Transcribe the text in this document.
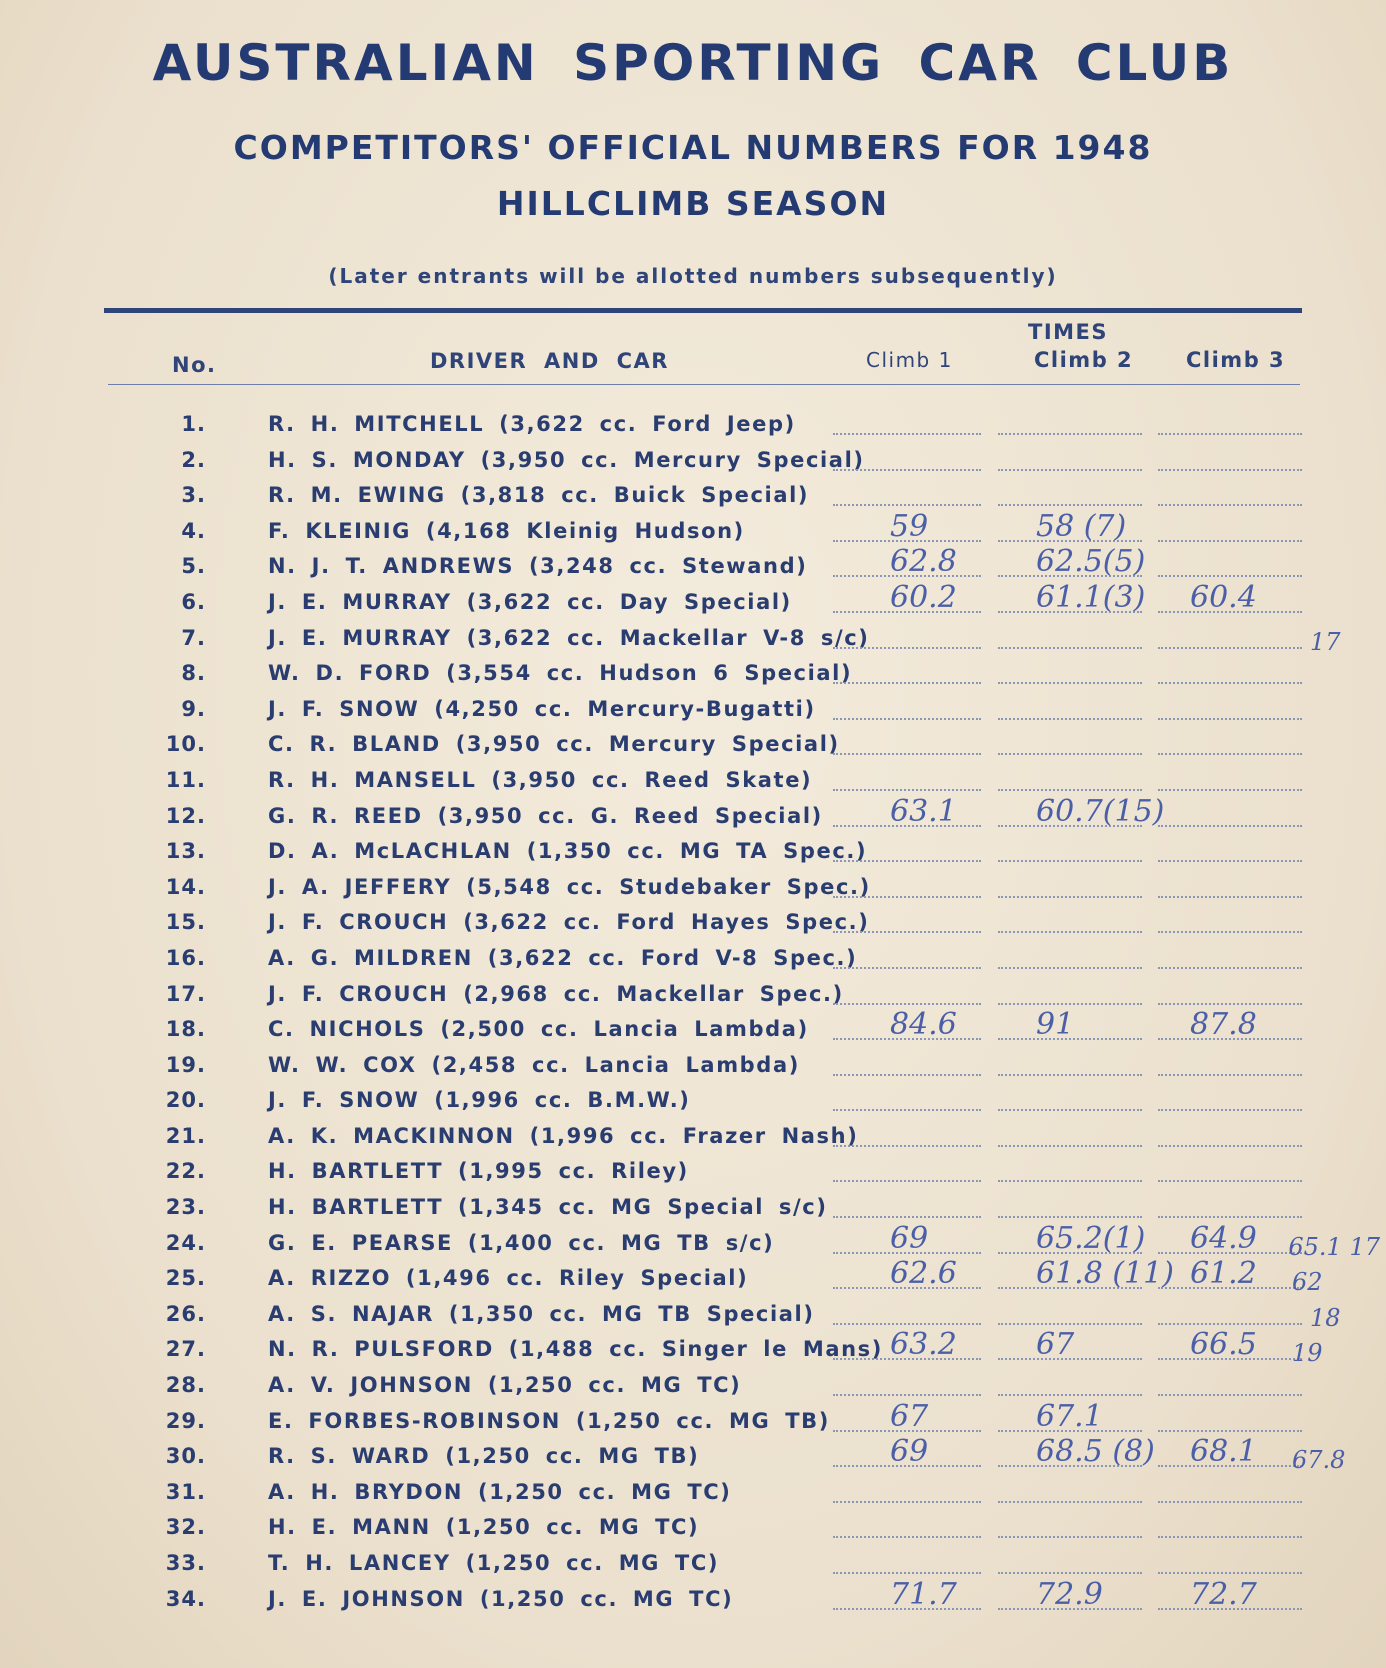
AUSTRALIAN SPORTING CAR CLUB
COMPETITORS' OFFICIAL NUMBERS FOR 1948
HILLCLIMB SEASON
(Later entrants will be allotted numbers subsequently)
No.	DRIVER AND CAR
TIMES
Climb 1	Climb 2	Climb 3
1.	R. H. MITCHELL (3,622 cc. Ford Jeep)
2.	H. S. MONDAY (3,950 cc. Mercury Special)
3.	R. M. EWING (3,818 cc. Buick Special)
4.	F. KLEINIG (4,168 Kleinig Hudson)	59	58 (7)
5.	N. J. T. ANDREWS (3,248 cc. Stewand)	62.8	62.5(5)
6.	J. E. MURRAY (3,622 cc. Day Special)	60.2	61.1(3) 60.4
7.	J. E. MURRAY (3,622 cc. Mackellar V-8 s/c)	17
8.	W. D. FORD (3,554 cc. Hudson 6 Special)
9.	J. F. SNOW (4,250 cc. Mercury-Bugatti)
10.	C. R. BLAND (3,950 cc. Mercury Special)
11.	R. H. MANSELL (3,950 cc. Reed Skate)
12.	G. R. REED (3,950 cc. G. Reed Special) 63.1	60.7(15)
13.	D. A. McLACHLAN (1,350 cc. MG TA Spec.)
14.	J. A. JEFFERY (5,548 cc. Studebaker Spec.)
15.	J. F. CROUCH (3,622 cc. Ford Hayes Spec.)
16.	A. G. MILDREN (3,622 cc. Ford V-8 Spec.)
17.	J. F. CROUCH (2,968 cc. Mackellar Spec.)
18.	C. NICHOLS (2,500 cc. Lancia Lambda)	84.6	91	87.8
19.	W. W. COX (2,458 cc. Lancia Lambda)
20.	J. F. SNOW (1,996 cc. B.M.W.)
21.	A. K. MACKINNON (1,996 cc. Frazer Nash)
22.	H. BARTLETT (1,995 cc. Riley)
23.	H. BARTLETT (1,345 cc. MG Special s/c)
24.	G. E. PEARSE (1,400 cc. MG TB s/c)	69	65.2(1) 64.9 65.1 17
25.	A. RIZZO (1,496 cc. Riley Special)	62.6	61.8 (11) 61.2 62
26.	A. S. NAJAR (1,350 cc. MG TB Special)	18
27.	N. R. PULSFORD (1,488 cc. Singer le Mans) 63.2	67	66.5 19
28.	A. V. JOHNSON (1,250 cc. MG TC)
29.	E. FORBES-ROBINSON (1,250 cc. MG TB) 67	67.1
30.	R. S. WARD (1,250 cc. MG TB)	69	68.5 (8) 68.1 67.8
31.	A. H. BRYDON (1,250 cc. MG TC)
32.	H. E. MANN (1,250 cc. MG TC)
33.	T. H. LANCEY (1,250 cc. MG TC)
34.	J. E. JOHNSON (1,250 cc. MG TC)	71.7	72.9	72.7
